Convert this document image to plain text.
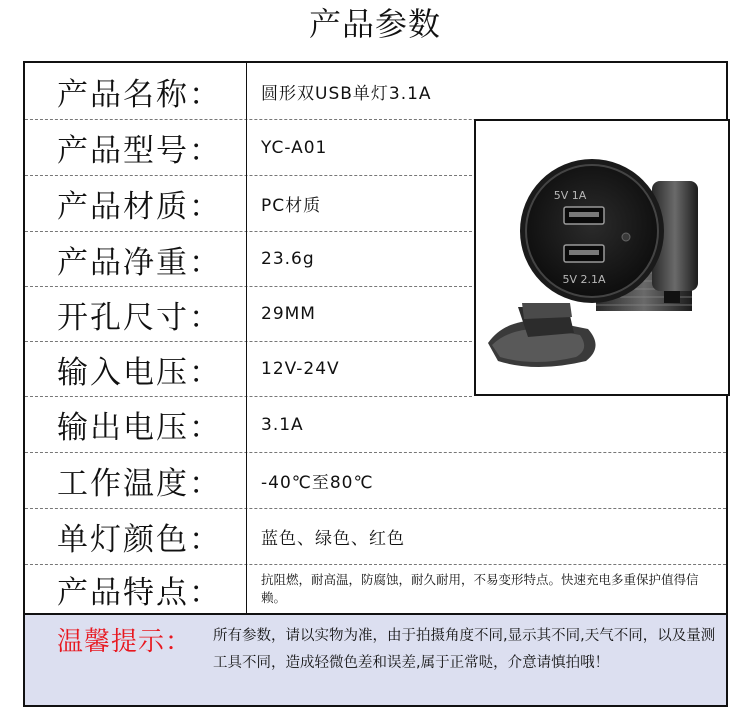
产品参数
产品名称：	圆形双USB单灯3.1A
产品型号：	YC-A01
产品材质：	PC材质
产品净重：	23.6g
开孔尺寸：	29MM
输入电压：	12V-24V
输出电压：	3.1A
工作温度：	-40℃至80℃
单灯颜色：	蓝色、绿色、红色
产品特点：	抗阻燃，耐高温，防腐蚀，耐久耐用，不易变形特点。快速充电多重保护值得信赖。
5V 1A
5V 2.1A
温馨提示： 所有参数，请以实物为准，由于拍摄角度不同,显示其不同,天气不同，以及量测工具不同，造成轻微色差和误差,属于正常哒，介意请慎拍哦！
